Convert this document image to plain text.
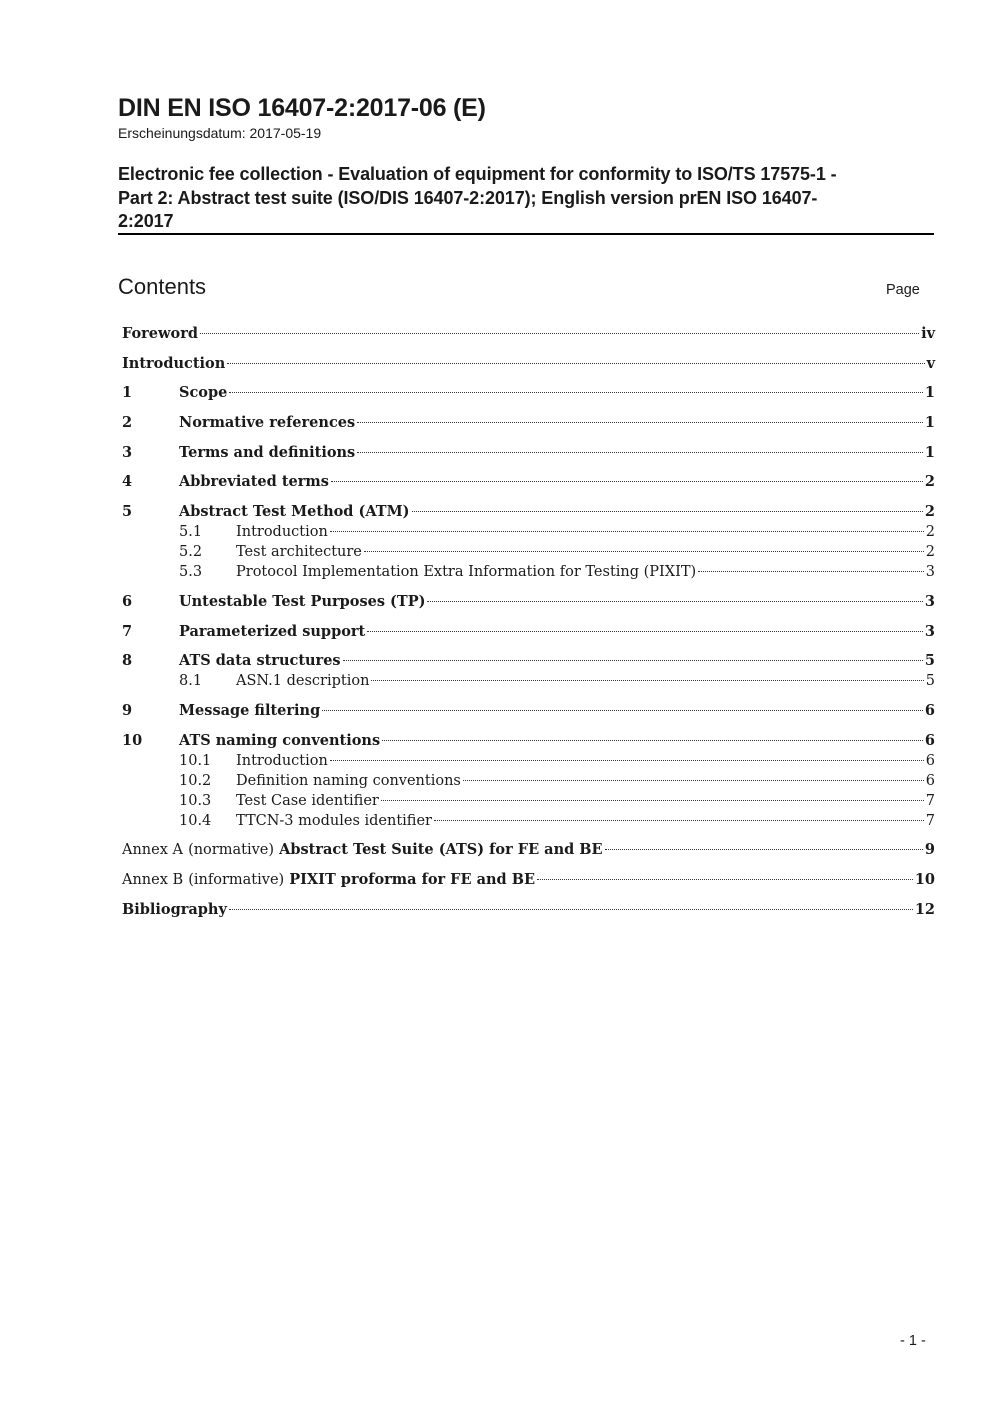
DIN EN ISO 16407-2:2017-06 (E)
Erscheinungsdatum: 2017-05-19
Electronic fee collection - Evaluation of equipment for conformity to ISO/TS 17575-1 -
Part 2: Abstract test suite (ISO/DIS 16407-2:2017); English version prEN ISO 16407-
2:2017
Contents	Page
Foreword	iv
Introduction	v
1	Scope	1
2	Normative references	1
3	Terms and definitions	1
4	Abbreviated terms	2
5	Abstract Test Method (ATM)	2
5.1	Introduction	2
5.2	Test architecture	2
5.3	Protocol Implementation Extra Information for Testing (PIXIT)	3
6	Untestable Test Purposes (TP)	3
7	Parameterized support	3
8	ATS data structures	5
8.1	ASN.1 description	5
9	Message filtering	6
10	ATS naming conventions	6
10.1	Introduction	6
10.2	Definition naming conventions	6
10.3	Test Case identifier	7
10.4	TTCN-3 modules identifier	7
Annex A (normative) Abstract Test Suite (ATS) for FE and BE	9
Annex B (informative) PIXIT proforma for FE and BE	10
Bibliography	12
- 1 -
